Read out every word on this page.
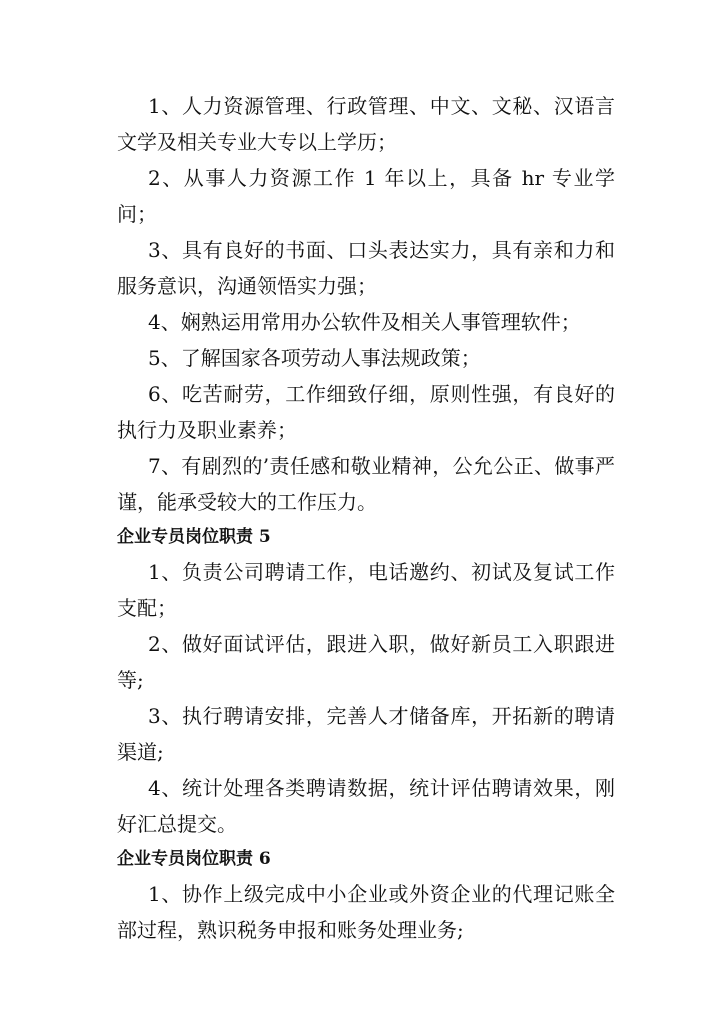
1、人力资源管理、行政管理、中文、文秘、汉语言文学及相关专业大专以上学历；

2、从事人力资源工作 1 年以上，具备 hr 专业学问；

3、具有良好的书面、口头表达实力，具有亲和力和服务意识，沟通领悟实力强；

4、娴熟运用常用办公软件及相关人事管理软件；

5、了解国家各项劳动人事法规政策；

6、吃苦耐劳，工作细致仔细，原则性强，有良好的执行力及职业素养；

7、有剧烈的’责任感和敬业精神，公允公正、做事严谨，能承受较大的工作压力。

企业专员岗位职责 5

1、负责公司聘请工作，电话邀约、初试及复试工作支配；

2、做好面试评估，跟进入职，做好新员工入职跟进等;

3、执行聘请安排，完善人才储备库，开拓新的聘请渠道;

4、统计处理各类聘请数据，统计评估聘请效果，刚好汇总提交。

企业专员岗位职责 6

1、协作上级完成中小企业或外资企业的代理记账全部过程，熟识税务申报和账务处理业务;
